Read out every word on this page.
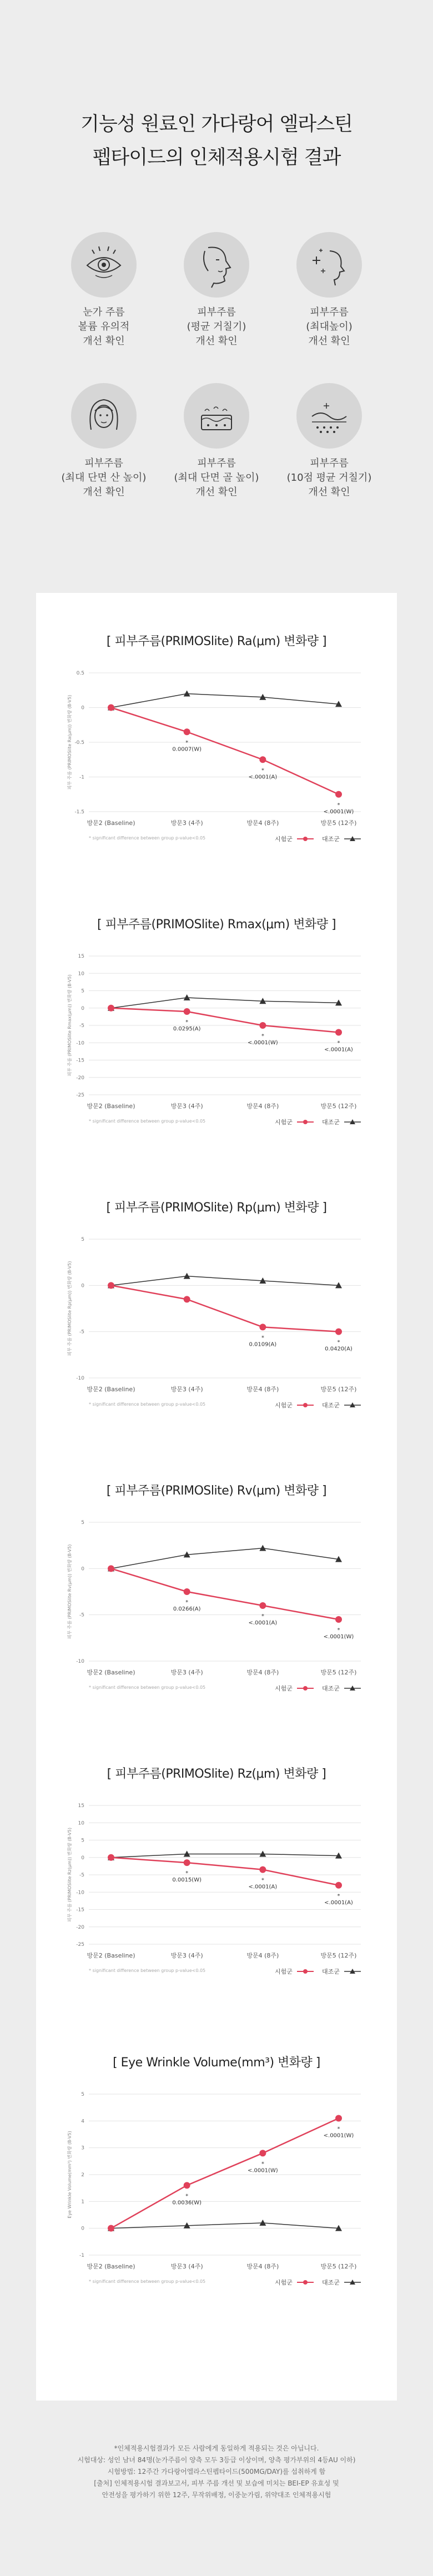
기능성 원료인 가다랑어 엘라스틴
펩타이드의 인체적용시험 결과
눈가 주름
볼륨 유의적
개선 확인
피부주름
(평균 거칠기)
개선 확인
피부주름
(최대높이)
개선 확인
피부주름
(최대 단면 산 높이)
개선 확인
피부주름
(최대 단면 골 높이)
개선 확인
피부주름
(10점 평균 거칠기)
개선 확인
[ 피부주름(PRIMOSlite) Ra(μm) 변화량 ]
0.5
0
-0.5
-1
-1.5
피부 주름 (PRIMOSlite Ra(μm)) 변화량 (B-V5)
방문2 (Baseline)	방문3 (4주)	방문4 (8주)	방문5 (12주)
*
0.0007(W)
*
<.0001(A)
*
<.0001(W)
* significant difference between group p-value<0.05	시험군	대조군
[ 피부주름(PRIMOSlite) Rmax(μm) 변화량 ]
15
10
5
0
-5
-10
-15
-20
-25
피부 주름 (PRIMOSlite Rmax(μm)) 변화량 (B-V5)
방문2 (Baseline)	방문3 (4주)	방문4 (8주)	방문5 (12주)
*
0.0295(A)
*
<.0001(W)	*
<.0001(A)
* significant difference between group p-value<0.05	시험군	대조군
[ 피부주름(PRIMOSlite) Rp(μm) 변화량 ]
5
0
-5
-10
피부 주름 (PRIMOSlite Rp(μm)) 변화량 (B-V5)
방문2 (Baseline)	방문3 (4주)	방문4 (8주)	방문5 (12주)
*
0.0109(A)	*
0.0420(A)
* significant difference between group p-value<0.05	시험군	대조군
[ 피부주름(PRIMOSlite) Rv(μm) 변화량 ]
5
0
-5
-10
피부 주름 (PRIMOSlite Rv(μm)) 변화량 (B-V5)
방문2 (Baseline)	방문3 (4주)	방문4 (8주)	방문5 (12주)
*
0.0266(A)
*
<.0001(A)
*
<.0001(W)
* significant difference between group p-value<0.05	시험군	대조군
[ 피부주름(PRIMOSlite) Rz(μm) 변화량 ]
15
10
5
0
-5
-10
-15
-20
-25
피부 주름 (PRIMOSlite Rz(μm)) 변화량 (B-V5)
방문2 (Baseline)	방문3 (4주)	방문4 (8주)	방문5 (12주)
*
0.0015(W)	*
<.0001(A)
*
<.0001(A)
* significant difference between group p-value<0.05	시험군	대조군
[ Eye Wrinkle Volume(mm³) 변화량 ]
5
4
3
2
1
0
-1
Eye Wrinkle Volume(mm³) 변화량 (B-V5)
방문2 (Baseline)	방문3 (4주)	방문4 (8주)	방문5 (12주)
*
0.0036(W)
*
<.0001(W)
*
<.0001(W)
* significant difference between group p-value<0.05	시험군	대조군
*인체적용시험결과가 모든 사람에게 동일하게 적용되는 것은 아닙니다.
시험대상: 성인 남녀 84명(눈가주름이 양측 모두 3등급 이상이며, 양측 평가부위의 4등AU 이하)
시험방법: 12주간 가다랑어엘라스틴펩타이드(500MG/DAY)를 섭취하게 함
[출처] 인체적용시험 결과보고서, 피부 주름 개선 및 보습에 미치는 BEI-EP 유효성 및
안전성을 평가하기 위한 12주, 무작위배정, 이중눈가림, 위약대조 인체적용시험
